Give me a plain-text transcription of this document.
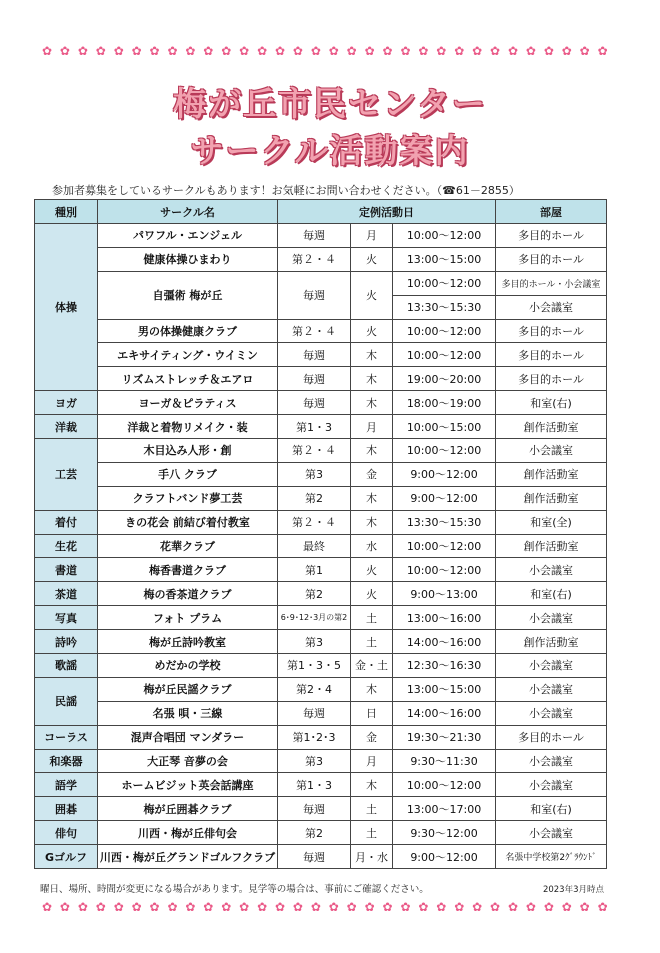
✿ ✿ ✿ ✿ ✿ ✿ ✿ ✿ ✿ ✿ ✿ ✿ ✿ ✿ ✿ ✿ ✿ ✿ ✿ ✿ ✿ ✿ ✿ ✿ ✿ ✿ ✿ ✿ ✿ ✿ ✿ ✿
梅が丘市民センター
サークル活動案内
参加者募集をしているサークルもあります！お気軽にお問い合わせください。（☎61－2855）
種別	サークル名	定例活動日			部屋
体操	パワフル・エンジェル	毎週	月	10:00～12:00	多目的ホール
	健康体操ひまわり	第２・４	火	13:00～15:00	多目的ホール
	自彊術 梅が丘	毎週	火	10:00～12:00	多目的ホール・小会議室
				13:30～15:30	小会議室
	男の体操健康クラブ	第２・４	火	10:00～12:00	多目的ホール
	エキサイティング・ウイミン	毎週	木	10:00～12:00	多目的ホール
	リズムストレッチ＆エアロ	毎週	木	19:00～20:00	多目的ホール
ヨガ	ヨーガ＆ピラティス	毎週	木	18:00～19:00	和室(右)
洋裁	洋裁と着物リメイク・装	第1・3	月	10:00～15:00	創作活動室
工芸	木目込み人形・創	第２・４	木	10:00～12:00	小会議室
	手八 クラブ	第3	金	9:00～12:00	創作活動室
	クラフトバンド夢工芸	第2	木	9:00～12:00	創作活動室
着付	きの花会 前結び着付教室	第２・４	木	13:30～15:30	和室(全)
生花	花華クラブ	最終	水	10:00～12:00	創作活動室
書道	梅香書道クラブ	第1	火	10:00～12:00	小会議室
茶道	梅の香茶道クラブ	第2	火	9:00～13:00	和室(右)
写真	フォト プラム	6･9･12･3月の第2	土	13:00～16:00	小会議室
詩吟	梅が丘詩吟教室	第3	土	14:00～16:00	創作活動室
歌謡	めだかの学校	第1・3・5	金・土	12:30～16:30	小会議室
民謡	梅が丘民謡クラブ	第2・4	木	13:00～15:00	小会議室
	名張 唄・三線	毎週	日	14:00～16:00	小会議室
コーラス	混声合唱団 マンダラー	第1･2･3	金	19:30～21:30	多目的ホール
和楽器	大正琴 音夢の会	第3	月	9:30～11:30	小会議室
語学	ホームビジット英会話講座	第1・3	木	10:00～12:00	小会議室
囲碁	梅が丘囲碁クラブ	毎週	土	13:00～17:00	和室(右)
俳句	川西・梅が丘俳句会	第2	土	9:30～12:00	小会議室
Gゴルフ	川西・梅が丘グランドゴルフクラブ	毎週	月・水	9:00～12:00	名張中学校第2ｸﾞﾗｳﾝﾄﾞ
曜日、場所、時間が変更になる場合があります。見学等の場合は、事前にご確認ください。	2023年3月時点
✿ ✿ ✿ ✿ ✿ ✿ ✿ ✿ ✿ ✿ ✿ ✿ ✿ ✿ ✿ ✿ ✿ ✿ ✿ ✿ ✿ ✿ ✿ ✿ ✿ ✿ ✿ ✿ ✿ ✿ ✿ ✿
